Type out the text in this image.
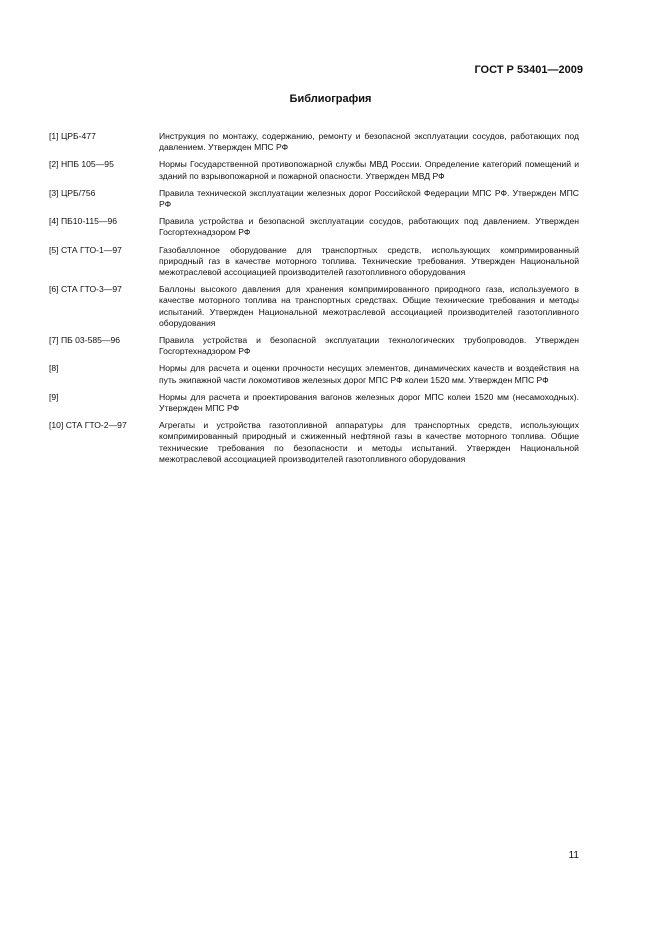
ГОСТ Р 53401—2009
Библиография
[1] ЦРБ-477	Инструкция по монтажу, содержанию, ремонту и безопасной эксплуатации сосудов, работающих под давлением. Утвержден МПС РФ
[2] НПБ 105—95	Нормы Государственной противопожарной службы МВД России. Определение категорий помещений и зданий по взрывопожарной и пожарной опасности. Утвержден МВД РФ
[3] ЦРБ/756	Правила технической эксплуатации железных дорог Российской Федерации МПС РФ. Утвержден МПС РФ
[4] ПБ10-115—96	Правила устройства и безопасной эксплуатации сосудов, работающих под давлением. Утвержден Госгортехнадзором РФ
[5] СТА ГТО-1—97	Газобаллонное оборудование для транспортных средств, использующих компримированный природный газ в качестве моторного топлива. Технические требования. Утвержден Национальной межотраслевой ассоциацией производителей газотопливного оборудования
[6] СТА ГТО-3—97	Баллоны высокого давления для хранения компримированного природного газа, используемого в качестве моторного топлива на транспортных средствах. Общие технические требования и методы испытаний. Утвержден Национальной межотраслевой ассоциацией производителей газотопливного оборудования
[7] ПБ 03-585—96	Правила устройства и безопасной эксплуатации технологических трубопроводов. Утвержден Госгортехнадзором РФ
[8]	Нормы для расчета и оценки прочности несущих элементов, динамических качеств и воздействия на путь экипажной части локомотивов железных дорог МПС РФ колеи 1520 мм. Утвержден МПС РФ
[9]	Нормы для расчета и проектирования вагонов железных дорог МПС колеи 1520 мм (несамоходных). Утвержден МПС РФ
[10] СТА ГТО-2—97	Агрегаты и устройства газотопливной аппаратуры для транспортных средств, использующих компримированный природный и сжиженный нефтяной газы в качестве моторного топлива. Общие технические требования по безопасности и методы испытаний. Утвержден Национальной межотраслевой ассоциацией производителей газотопливного оборудования
11
